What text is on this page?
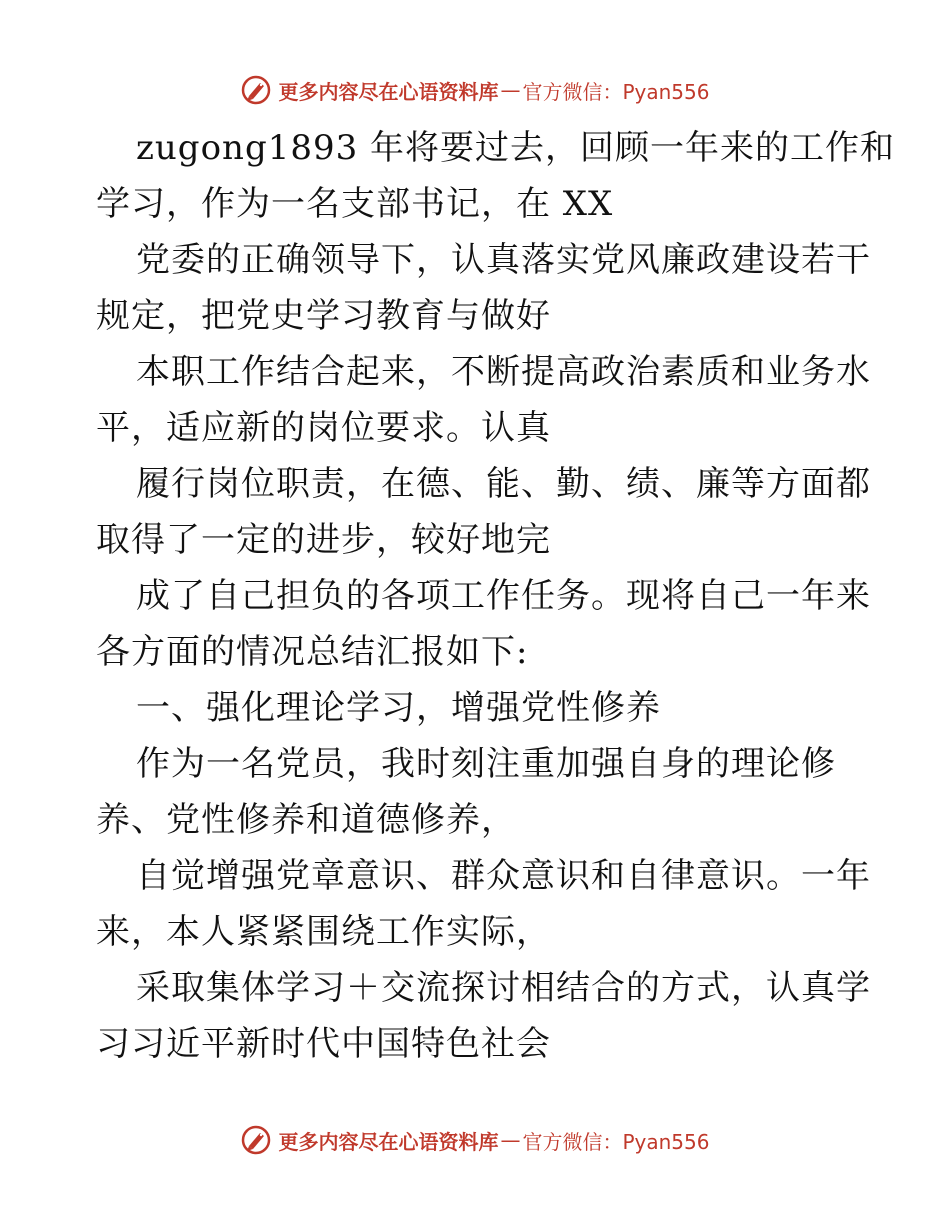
更多内容尽在心语资料库 — 官方微信：Pyan556
zugong1893 年将要过去，回顾一年来的工作和
学习，作为一名支部书记，在 XX
党委的正确领导下，认真落实党风廉政建设若干
规定，把党史学习教育与做好
本职工作结合起来，不断提高政治素质和业务水
平，适应新的岗位要求。认真
履行岗位职责，在德、能、勤、绩、廉等方面都
取得了一定的进步，较好地完
成了自己担负的各项工作任务。现将自己一年来
各方面的情况总结汇报如下:
一、强化理论学习，增强党性修养
作为一名党员，我时刻注重加强自身的理论修
养、党性修养和道德修养，
自觉增强党章意识、群众意识和自律意识。一年
来，本人紧紧围绕工作实际，
采取集体学习＋交流探讨相结合的方式，认真学
习习近平新时代中国特色社会
更多内容尽在心语资料库 — 官方微信：Pyan556
